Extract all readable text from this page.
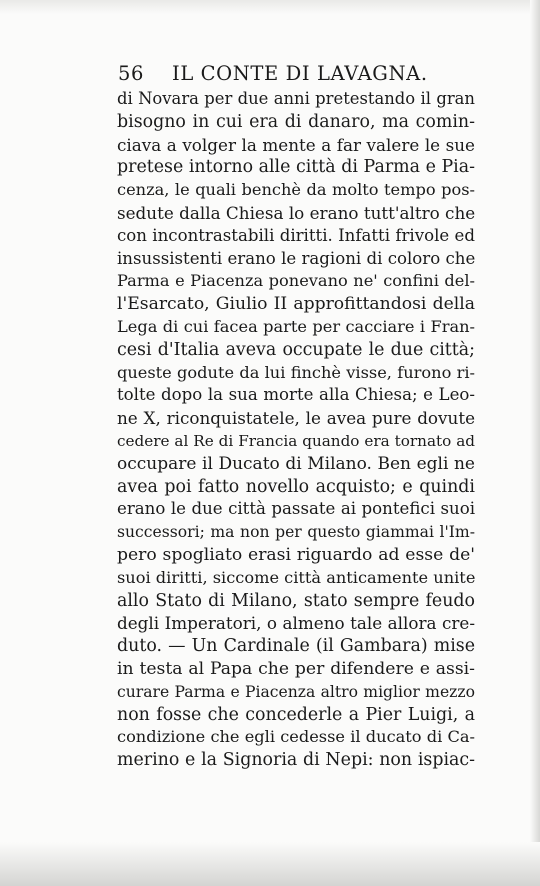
56 IL CONTE DI LAVAGNA.
di Novara per due anni pretestando il gran
bisogno in cui era di danaro, ma comin-
ciava a volger la mente a far valere le sue
pretese intorno alle città di Parma e Pia-
cenza, le quali benchè da molto tempo pos-
sedute dalla Chiesa lo erano tutt'altro che
con incontrastabili diritti. Infatti frivole ed
insussistenti erano le ragioni di coloro che
Parma e Piacenza ponevano ne' confini del-
l'Esarcato, Giulio II approfittandosi della
Lega di cui facea parte per cacciare i Fran-
cesi d'Italia aveva occupate le due città;
queste godute da lui finchè visse, furono ri-
tolte dopo la sua morte alla Chiesa; e Leo-
ne X, riconquistatele, le avea pure dovute
cedere al Re di Francia quando era tornato ad
occupare il Ducato di Milano. Ben egli ne
avea poi fatto novello acquisto; e quindi
erano le due città passate ai pontefici suoi
successori; ma non per questo giammai l'Im-
pero spogliato erasi riguardo ad esse de'
suoi diritti, siccome città anticamente unite
allo Stato di Milano, stato sempre feudo
degli Imperatori, o almeno tale allora cre-
duto. — Un Cardinale (il Gambara) mise
in testa al Papa che per difendere e assi-
curare Parma e Piacenza altro miglior mezzo
non fosse che concederle a Pier Luigi, a
condizione che egli cedesse il ducato di Ca-
merino e la Signoria di Nepi: non ispiac-
